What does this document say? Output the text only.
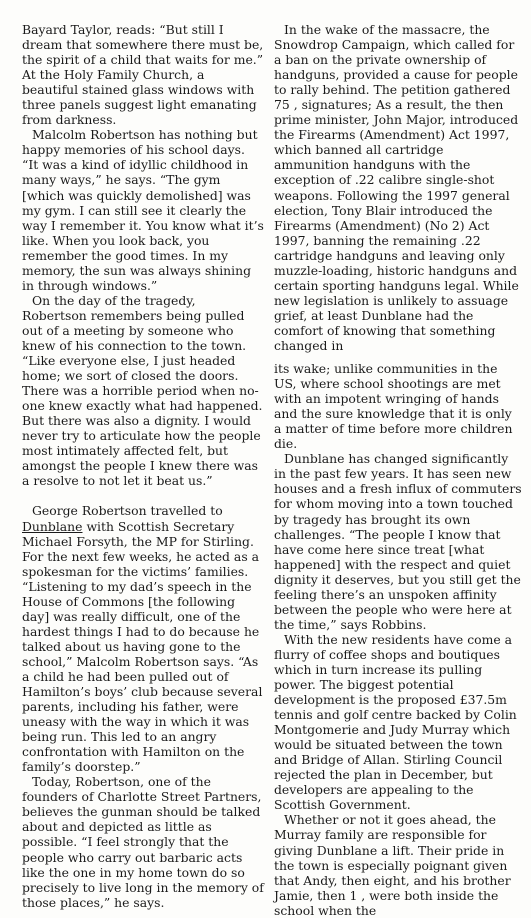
Bayard Taylor, reads: “But still I dream that somewhere there must be, the spirit of a child that waits for me.” At the Holy Family Church, a beautiful stained glass windows with three panels suggest light emanating from darkness.

Malcolm Robertson has nothing but happy memories of his school days. “It was a kind of idyllic childhood in many ways,” he says. “The gym [which was quickly demolished] was my gym. I can still see it clearly the way I remember it. You know what it’s like. When you look back, you remember the good times. In my memory, the sun was always shining in through windows.”

On the day of the tragedy, Robertson remembers being pulled out of a meeting by someone who knew of his connection to the town. “Like everyone else, I just headed home; we sort of closed the doors. There was a horrible period when no-one knew exactly what had happened. But there was also a dignity. I would never try to articulate how the people most intimately affected felt, but amongst the people I knew there was a resolve to not let it beat us.”

George Robertson travelled to Dunblane with Scottish Secretary Michael Forsyth, the MP for Stirling. For the next few weeks, he acted as a spokesman for the victims’ families. “Listening to my dad’s speech in the House of Commons [the following day] was really difficult, one of the hardest things I had to do because he talked about us having gone to the school,” Malcolm Robertson says. “As a child he had been pulled out of Hamilton’s boys’ club because several parents, including his father, were uneasy with the way in which it was being run. This led to an angry confrontation with Hamilton on the family’s doorstep.”

Today, Robertson, one of the founders of Charlotte Street Partners, believes the gunman should be talked about and depicted as little as possible. “I feel strongly that the people who carry out barbaric acts like the one in my home town do so precisely to live long in the memory of those places,” he says.

In the wake of the massacre, the Snowdrop Campaign, which called for a ban on the private ownership of handguns, provided a cause for people to rally behind. The petition gathered 75 , signatures; As a result, the then prime minister, John Major, introduced the Firearms (Amendment) Act 1997, which banned all cartridge ammunition handguns with the exception of .22 calibre single-shot weapons. Following the 1997 general election, Tony Blair introduced the Firearms (Amendment) (No 2) Act 1997, banning the remaining .22 cartridge handguns and leaving only muzzle-loading, historic handguns and certain sporting handguns legal. While new legislation is unlikely to assuage grief, at least Dunblane had the comfort of knowing that something changed in

its wake; unlike communities in the US, where school shootings are met with an impotent wringing of hands and the sure knowledge that it is only a matter of time before more children die.

Dunblane has changed significantly in the past few years. It has seen new houses and a fresh influx of commuters for whom moving into a town touched by tragedy has brought its own challenges. “The people I know that have come here since treat [what happened] with the respect and quiet dignity it deserves, but you still get the feeling there’s an unspoken affinity between the people who were here at the time,” says Robbins.

With the new residents have come a flurry of coffee shops and boutiques which in turn increase its pulling power. The biggest potential development is the proposed £37.5m tennis and golf centre backed by Colin Montgomerie and Judy Murray which would be situated between the town and Bridge of Allan. Stirling Council rejected the plan in December, but developers are appealing to the Scottish Government.

Whether or not it goes ahead, the Murray family are responsible for giving Dunblane a lift. Their pride in the town is especially poignant given that Andy, then eight, and his brother Jamie, then 1 , were both inside the school when the
